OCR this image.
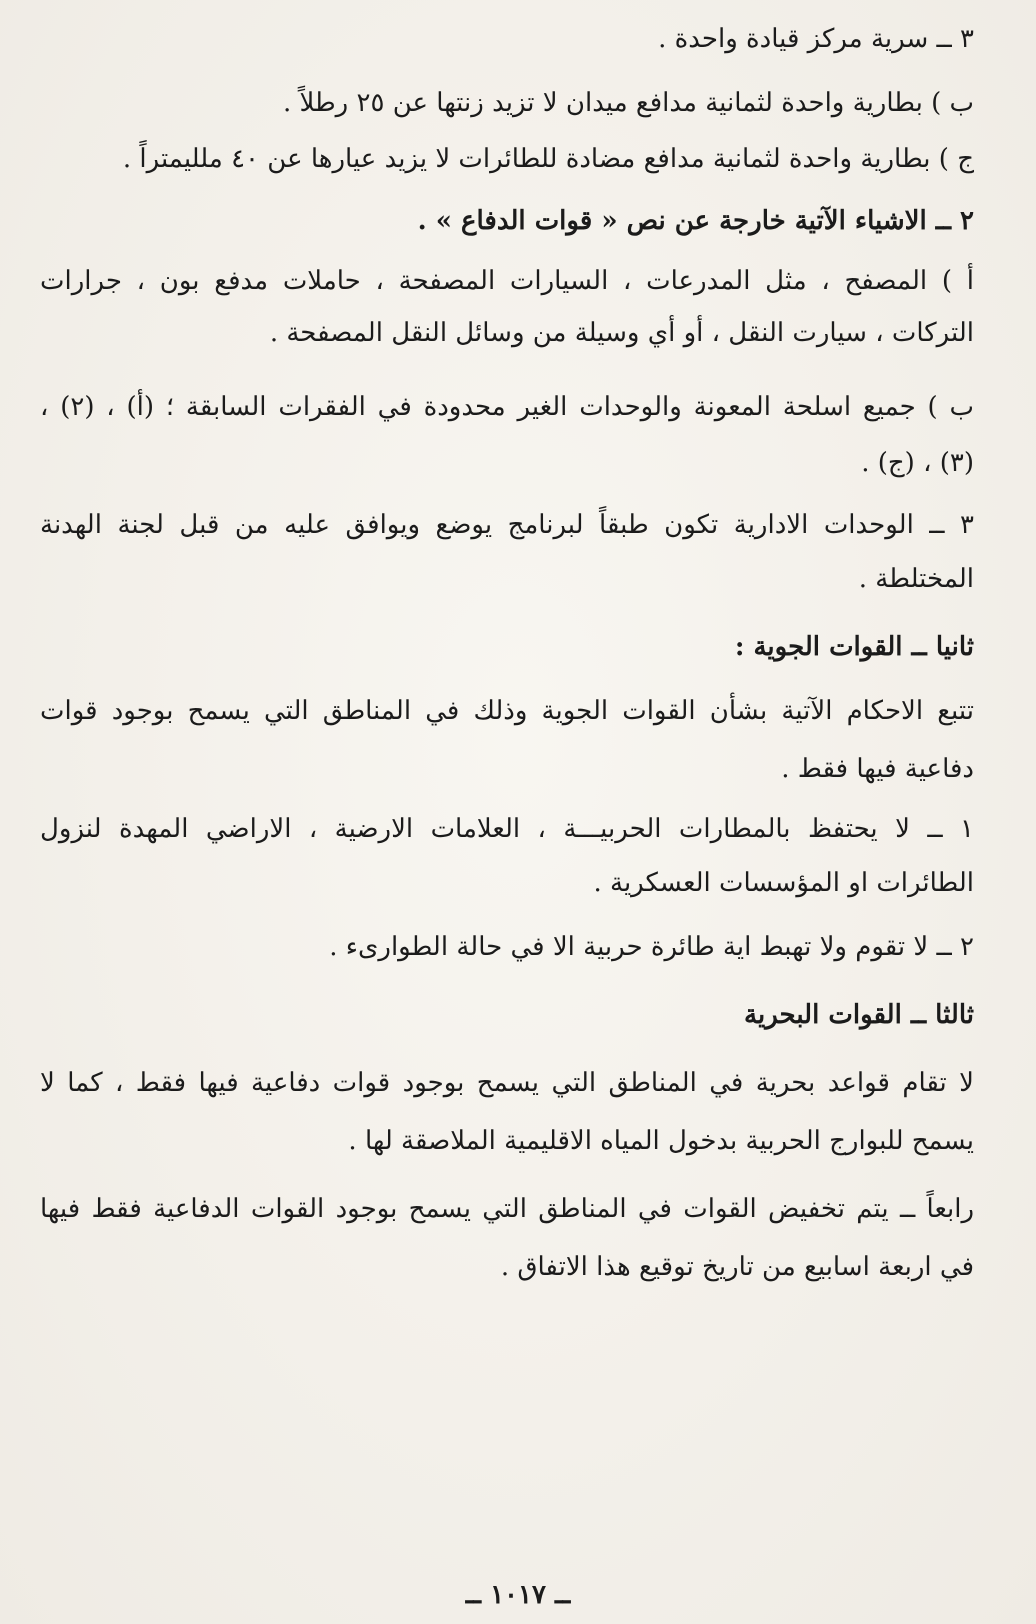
٣ ــ سرية مركز قيادة واحدة .
ب ) بطارية واحدة لثمانية مدافع ميدان لا تزيد زنتها عن ٢٥ رطلاً .
ج ) بطارية واحدة لثمانية مدافع مضادة للطائرات لا يزيد عيارها عن ٤٠ ملليمتراً .
٢ ــ الاشياء الآتية خارجة عن نص « قوات الدفاع » .
أ ) المصفح ، مثل المدرعات ، السيارات المصفحة ، حاملات مدفع بون ، جرارات
التركات ، سيارت النقل ، أو أي وسيلة من وسائل النقل المصفحة .
ب ) جميع اسلحة المعونة والوحدات الغير محدودة في الفقرات السابقة ؛ (أ) ، (٢) ،
(٣) ، (ج) .
٣ ــ الوحدات الادارية تكون طبقاً لبرنامج يوضع ويوافق عليه من قبل لجنة الهدنة
المختلطة .
ثانيا ــ القوات الجوية :
تتبع الاحكام الآتية بشأن القوات الجوية وذلك في المناطق التي يسمح بوجود قوات
دفاعية فيها فقط .
١ ــ لا يحتفظ بالمطارات الحربيـــة ، العلامات الارضية ، الاراضي المهدة لنزول
الطائرات او المؤسسات العسكرية .
٢ ــ لا تقوم ولا تهبط اية طائرة حربية الا في حالة الطوارىء .
ثالثا ــ القوات البحرية
لا تقام قواعد بحرية في المناطق التي يسمح بوجود قوات دفاعية فيها فقط ، كما لا
يسمح للبوارج الحربية بدخول المياه الاقليمية الملاصقة لها .
رابعاً ــ يتم تخفيض القوات في المناطق التي يسمح بوجود القوات الدفاعية فقط فيها
في اربعة اسابيع من تاريخ توقيع هذا الاتفاق .
ــ ١٠١٧ ــ
